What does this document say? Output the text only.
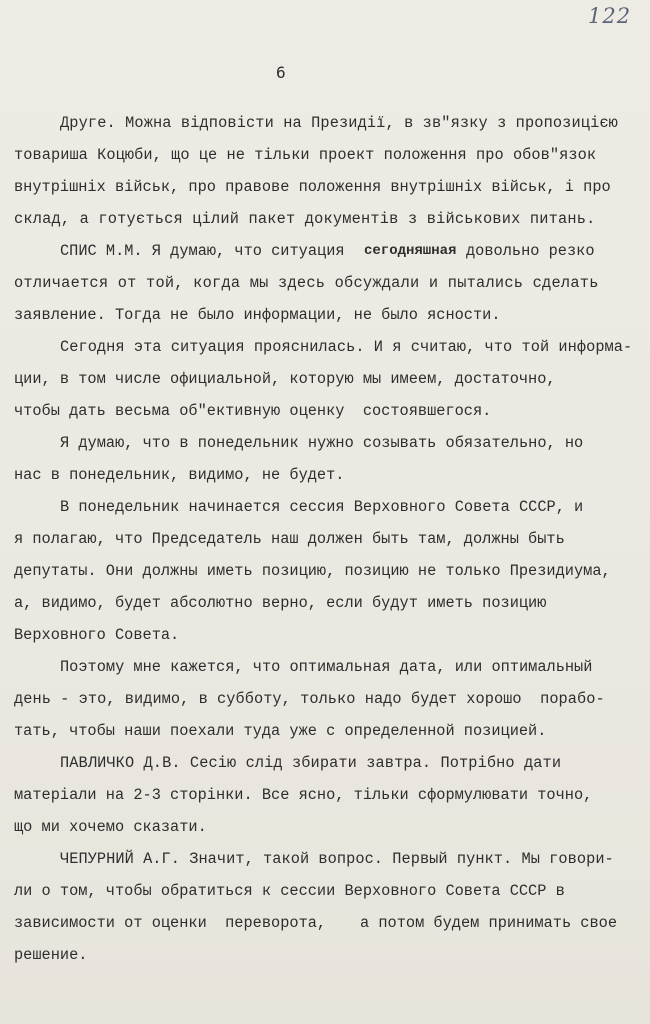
122
6
Друге. Можна відповісти на Президії, в зв"язку з пропозицією
товариша Коцюби, що це не тільки проект положення про обов"язок
внутрішніх військ, про правове положення внутрішніх військ, і про
склад, а готується цілий пакет документів з військових питань.
СПИС М.М. Я думаю, что ситуация сегодняшная довольно резко
отличается от той, когда мы здесь обсуждали и пытались сделать
заявление. Тогда не было информации, не было ясности.
Сегодня эта ситуация прояснилась. И я считаю, что той информа-
ции, в том числе официальной, которую мы имеем, достаточно,
чтобы дать весьма об"ективную оценку  состоявшегося.
Я думаю, что в понедельник нужно созывать обязательно, но
нас в понедельник, видимо, не будет.
В понедельник начинается сессия Верховного Совета СССР, и
я полагаю, что Председатель наш должен быть там, должны быть
депутаты. Они должны иметь позицию, позицию не только Президиума,
а, видимо, будет абсолютно верно, если будут иметь позицию
Верховного Совета.
Поэтому мне кажется, что оптимальная дата, или оптимальный
день - это, видимо, в субботу, только надо будет хорошо  порабо-
тать, чтобы наши поехали туда уже с определенной позицией.
ПАВЛИЧКО Д.В. Сесію слід збирати завтра. Потрібно дати
матеріали на 2-3 сторінки. Все ясно, тільки сформулювати точно,
що ми хочемо сказати.
ЧЕПУРНИЙ А.Г. Значит, такой вопрос. Первый пункт. Мы говори-
ли о том, чтобы обратиться к сессии Верховного Совета СССР в
зависимости от оценки  переворота, а потом будем принимать свое
решение.
